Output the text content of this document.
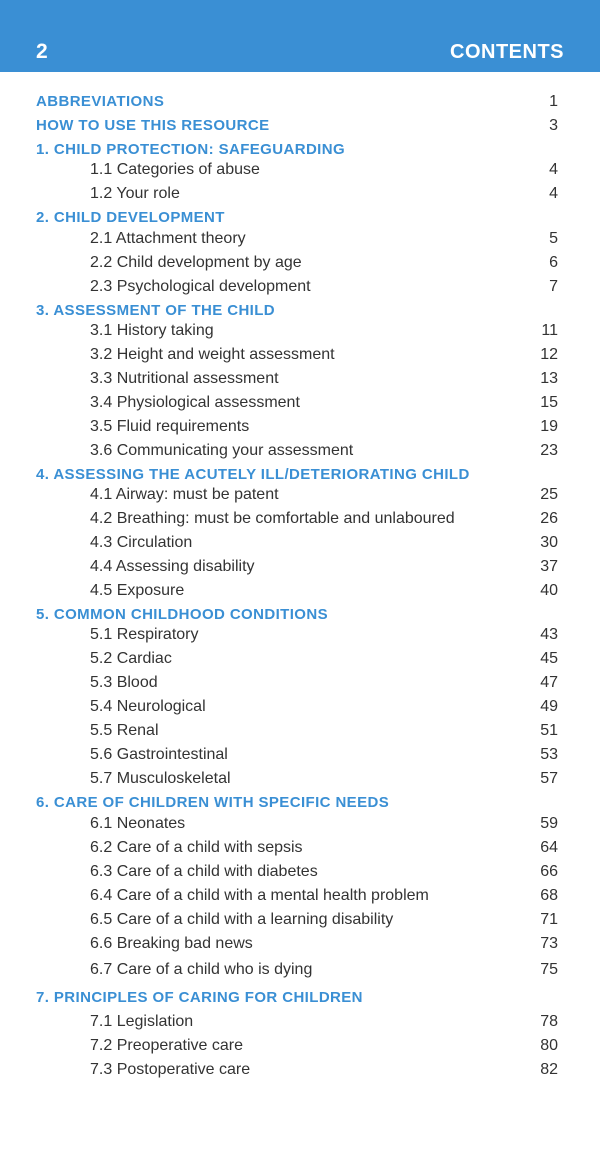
2	CONTENTS
ABBREVIATIONS	1
HOW TO USE THIS RESOURCE	3
1. CHILD PROTECTION: SAFEGUARDING
1.1 Categories of abuse	4
1.2 Your role	4
2. CHILD DEVELOPMENT
2.1 Attachment theory	5
2.2 Child development by age	6
2.3 Psychological development	7
3. ASSESSMENT OF THE CHILD
3.1 History taking	11
3.2 Height and weight assessment	12
3.3 Nutritional assessment	13
3.4 Physiological assessment	15
3.5 Fluid requirements	19
3.6 Communicating your assessment	23
4. ASSESSING THE ACUTELY ILL/DETERIORATING CHILD
4.1 Airway: must be patent	25
4.2 Breathing: must be comfortable and unlaboured	26
4.3 Circulation	30
4.4 Assessing disability	37
4.5 Exposure	40
5. COMMON CHILDHOOD CONDITIONS
5.1 Respiratory	43
5.2 Cardiac	45
5.3 Blood	47
5.4 Neurological	49
5.5 Renal	51
5.6 Gastrointestinal	53
5.7 Musculoskeletal	57
6. CARE OF CHILDREN WITH SPECIFIC NEEDS
6.1 Neonates	59
6.2 Care of a child with sepsis	64
6.3 Care of a child with diabetes	66
6.4 Care of a child with a mental health problem	68
6.5 Care of a child with a learning disability	71
6.6 Breaking bad news	73
6.7 Care of a child who is dying	75
7. PRINCIPLES OF CARING FOR CHILDREN
7.1 Legislation	78
7.2 Preoperative care	80
7.3 Postoperative care	82
